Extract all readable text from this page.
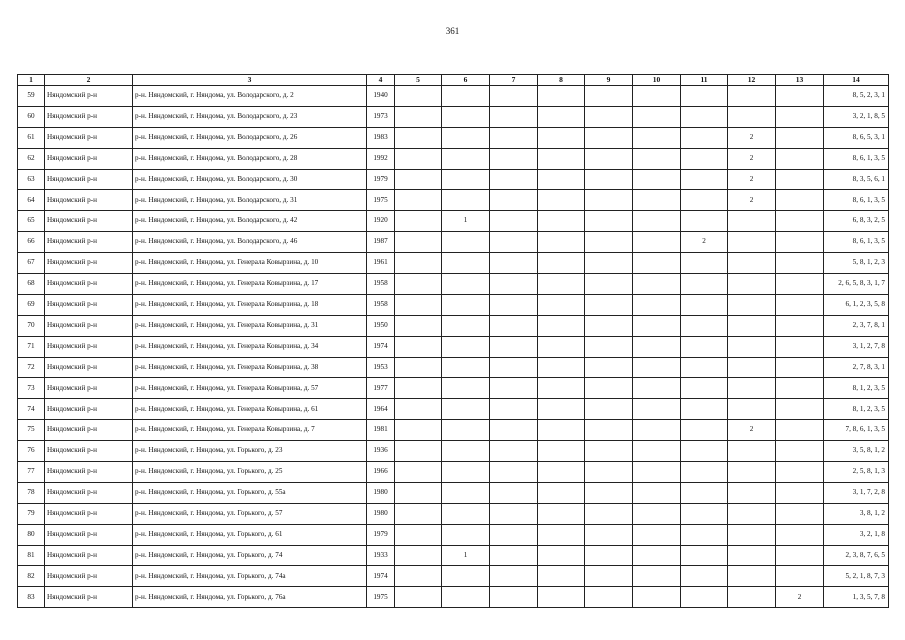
361
1	2	3	4	5	6	7	8	9	10	11	12	13	14
59	Няндомский р-н	р-н. Няндомский, г. Няндома, ул. Володарского, д. 2	1940										8, 5, 2, 3, 1
60	Няндомский р-н	р-н. Няндомский, г. Няндома, ул. Володарского, д. 23	1973										3, 2, 1, 8, 5
61	Няндомский р-н	р-н. Няндомский, г. Няндома, ул. Володарского, д. 26	1983								2		8, 6, 5, 3, 1
62	Няндомский р-н	р-н. Няндомский, г. Няндома, ул. Володарского, д. 28	1992								2		8, 6, 1, 3, 5
63	Няндомский р-н	р-н. Няндомский, г. Няндома, ул. Володарского, д. 30	1979								2		8, 3, 5, 6, 1
64	Няндомский р-н	р-н. Няндомский, г. Няндома, ул. Володарского, д. 31	1975								2		8, 6, 1, 3, 5
65	Няндомский р-н	р-н. Няндомский, г. Няндома, ул. Володарского, д. 42	1920		1								6, 8, 3, 2, 5
66	Няндомский р-н	р-н. Няндомский, г. Няндома, ул. Володарского, д. 46	1987							2			8, 6, 1, 3, 5
67	Няндомский р-н	р-н. Няндомский, г. Няндома, ул. Генерала Ковырзина, д. 10	1961										5, 8, 1, 2, 3
68	Няндомский р-н	р-н. Няндомский, г. Няндома, ул. Генерала Ковырзина, д. 17	1958										2, 6, 5, 8, 3, 1, 7
69	Няндомский р-н	р-н. Няндомский, г. Няндома, ул. Генерала Ковырзина, д. 18	1958										6, 1, 2, 3, 5, 8
70	Няндомский р-н	р-н. Няндомский, г. Няндома, ул. Генерала Ковырзина, д. 31	1950										2, 3, 7, 8, 1
71	Няндомский р-н	р-н. Няндомский, г. Няндома, ул. Генерала Ковырзина, д. 34	1974										3, 1, 2, 7, 8
72	Няндомский р-н	р-н. Няндомский, г. Няндома, ул. Генерала Ковырзина, д. 38	1953										2, 7, 8, 3, 1
73	Няндомский р-н	р-н. Няндомский, г. Няндома, ул. Генерала Ковырзина, д. 57	1977										8, 1, 2, 3, 5
74	Няндомский р-н	р-н. Няндомский, г. Няндома, ул. Генерала Ковырзина, д. 61	1964										8, 1, 2, 3, 5
75	Няндомский р-н	р-н. Няндомский, г. Няндома, ул. Генерала Ковырзина, д. 7	1981								2		7, 8, 6, 1, 3, 5
76	Няндомский р-н	р-н. Няндомский, г. Няндома, ул. Горького, д. 23	1936										3, 5, 8, 1, 2
77	Няндомский р-н	р-н. Няндомский, г. Няндома, ул. Горького, д. 25	1966										2, 5, 8, 1, 3
78	Няндомский р-н	р-н. Няндомский, г. Няндома, ул. Горького, д. 55а	1980										3, 1, 7, 2, 8
79	Няндомский р-н	р-н. Няндомский, г. Няндома, ул. Горького, д. 57	1980										3, 8, 1, 2
80	Няндомский р-н	р-н. Няндомский, г. Няндома, ул. Горького, д. 61	1979										3, 2, 1, 8
81	Няндомский р-н	р-н. Няндомский, г. Няндома, ул. Горького, д. 74	1933		1								2, 3, 8, 7, 6, 5
82	Няндомский р-н	р-н. Няндомский, г. Няндома, ул. Горького, д. 74а	1974										5, 2, 1, 8, 7, 3
83	Няндомский р-н	р-н. Няндомский, г. Няндома, ул. Горького, д. 76а	1975									2	1, 3, 5, 7, 8
